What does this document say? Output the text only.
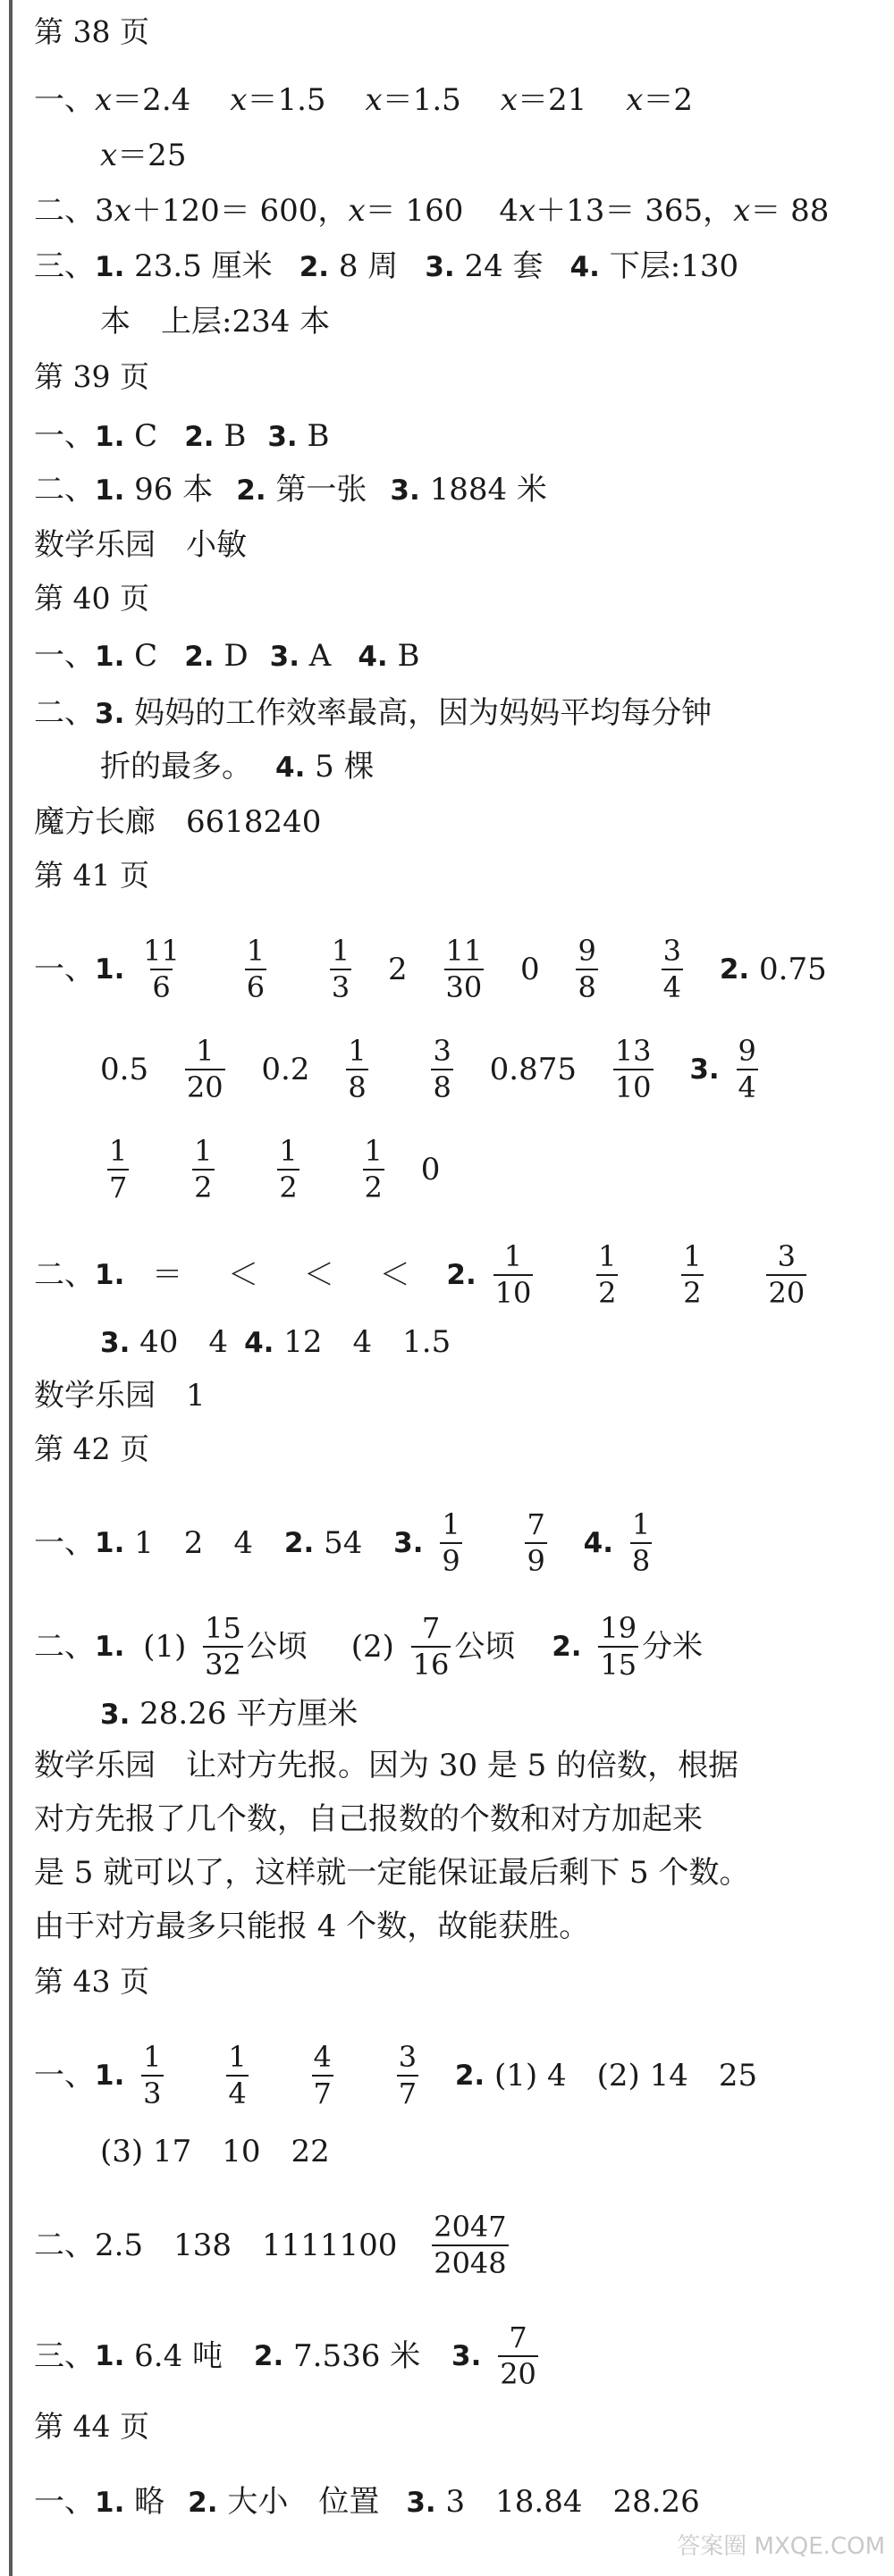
第 38 页
一、x＝2.4 x＝1.5 x＝1.5 x＝21 x＝2
x＝25
二、3x＋120＝ 600，x＝ 160 4x＋13＝ 365，x＝ 88
三、1. 23.5 厘米 2. 8 周 3. 24 套 4. 下层:130
本　上层:234 本
第 39 页
一、1. C 2. B 3. B
二、1. 96 本 2. 第一张 3. 1884 米
数学乐园　小敏
第 40 页
一、1. C 2. D 3. A 4. B
二、3. 妈妈的工作效率最高，因为妈妈平均每分钟
折的最多。 4. 5 棵
魔方长廊　6618240
第 41 页
一、1. $\frac{11}{6}$
$\frac{1}{6}$
$\frac{1}{3} 2 \frac{11}{30} 0 \frac{9}{8}$
$\frac{3}{4} 2$. 0.75
$0.5 \frac{1}{20} 0.2 \frac{1}{8}$
$\frac{3}{8} 0.875 \frac{13}{10} 3$. $\frac{9}{4}$
$\frac{1}{7}$
$\frac{1}{2}$
$\frac{1}{2}$
$\frac{1}{2} 0$
二、1. ＝ ＜ ＜ ＜ 2. $\frac{1}{10}$
$\frac{1}{2}$
$\frac{1}{2}$
$\frac{3}{20}$
3. 40　4 4. 12　4　1.5
数学乐园　1
第 42 页
一、1. 1　2　4 2. 54 3. $\frac{1}{9}$
$\frac{7}{9} 4$. $\frac{1}{8}$
二、1. $(1) \frac{15}{32}$ 公顷 $(2) \frac{7}{16}$ 公顷 2. $\frac{19}{15}$ 分米
3. 28.26 平方厘米
数学乐园　让对方先报。因为 30 是 5 的倍数，根据
对方先报了几个数，自己报数的个数和对方加起来
是 5 就可以了，这样就一定能保证最后剩下 5 个数。
由于对方最多只能报 4 个数，故能获胜。
第 43 页
一、1. $\frac{1}{3}$
$\frac{1}{4}$
$\frac{4}{7}$
$\frac{3}{7} 2$. (1) 4　(2) 14　25
(3) 17　10　22
二、2.5　138　$1111100 \frac{2047}{2048}$
三、1. 6.4 吨 2. 7.536 米 3. $\frac{7}{20}$
第 44 页
一、1. 略 2. 大小　位置 3. 3　18.84　28.26
答案圈 MXQE.COM
